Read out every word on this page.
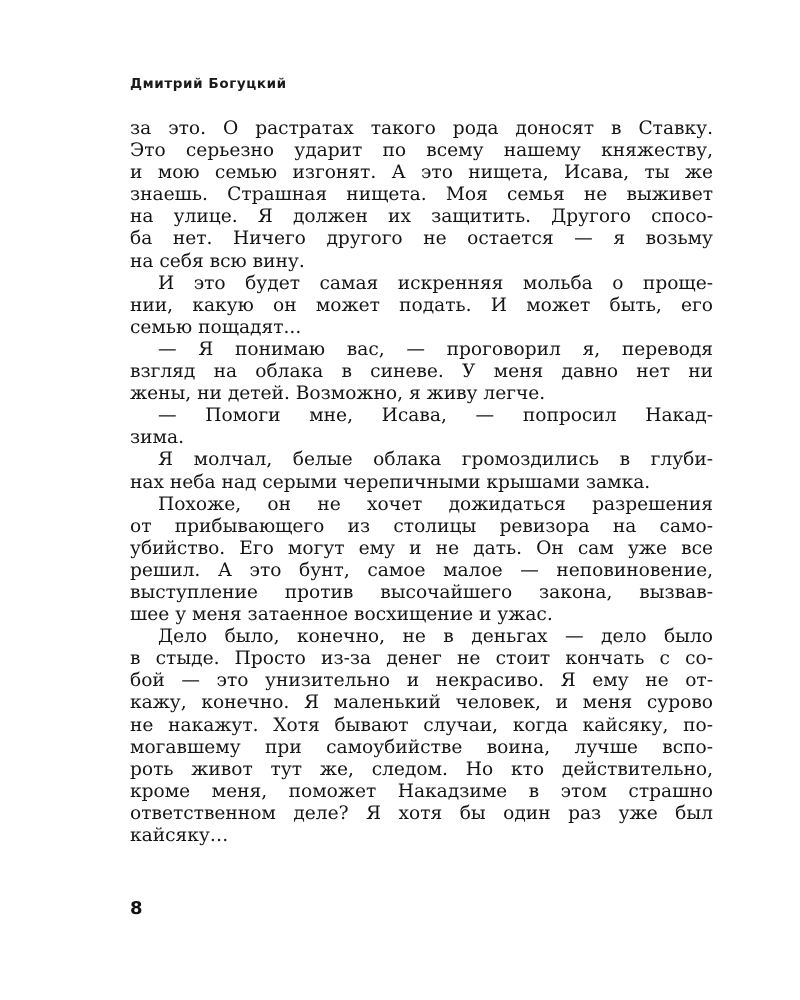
Дмитрий Богуцкий
за это. О растратах такого рода доносят в Ставку.
Это серьезно ударит по всему нашему княжеству,
и мою семью изгонят. А это нищета, Исава, ты же
знаешь. Страшная нищета. Моя семья не выживет
на улице. Я должен их защитить. Другого спосо-
ба нет. Ничего другого не остается — я возьму
на себя всю вину.
И это будет самая искренняя мольба о проще-
нии, какую он может подать. И может быть, его
семью пощадят...
— Я понимаю вас, — проговорил я, переводя
взгляд на облака в синеве. У меня давно нет ни
жены, ни детей. Возможно, я живу легче.
— Помоги мне, Исава, — попросил Накад-
зима.
Я молчал, белые облака громоздились в глуби-
нах неба над серыми черепичными крышами замка.
Похоже, он не хочет дожидаться разрешения
от прибывающего из столицы ревизора на само-
убийство. Его могут ему и не дать. Он сам уже все
решил. А это бунт, самое малое — неповиновение,
выступление против высочайшего закона, вызвав-
шее у меня затаенное восхищение и ужас.
Дело было, конечно, не в деньгах — дело было
в стыде. Просто из-за денег не стоит кончать с со-
бой — это унизительно и некрасиво. Я ему не от-
кажу, конечно. Я маленький человек, и меня сурово
не накажут. Хотя бывают случаи, когда кайсяку, по-
могавшему при самоубийстве воина, лучше вспо-
роть живот тут же, следом. Но кто действительно,
кроме меня, поможет Накадзиме в этом страшно
ответственном деле? Я хотя бы один раз уже был
кайсяку…
8
